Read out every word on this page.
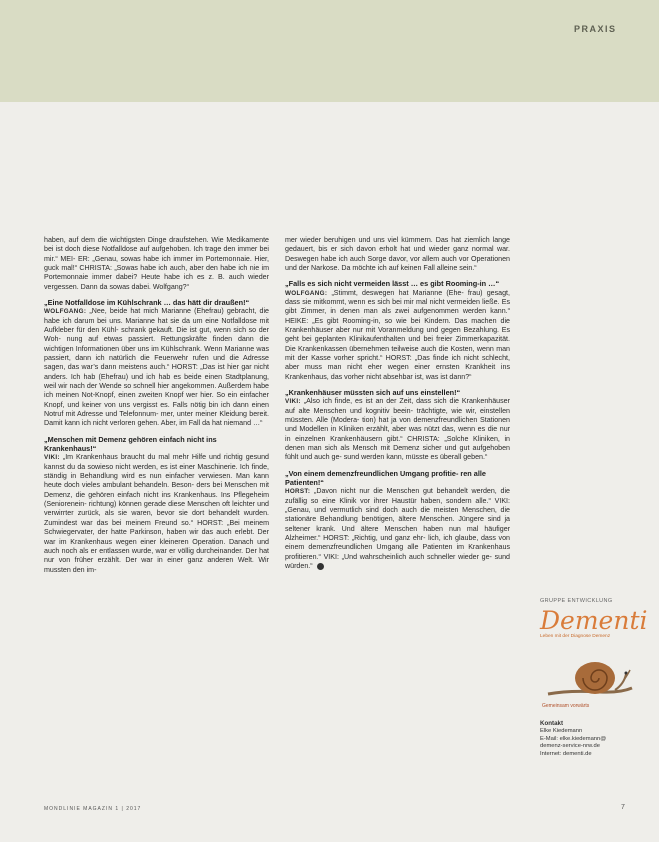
PRAXIS

haben, auf dem die wichtigsten Dinge draufstehen. Wie Medikamente bei ist doch diese Notfalldose auf aufgehoben. Ich trage den immer bei mir.“ MEI- ER: „Genau, sowas habe ich immer im Portemonnaie. Hier, guck mal!“ CHRISTA: „Sowas habe ich auch, aber den habe ich nie im Portemonnaie immer dabei? Heute habe ich es z. B. auch wieder vergessen. Dann da sowas dabei. Wolfgang?“

„Eine Notfalldose im Kühlschrank … das hätt dir draußen!“

WOLFGANG: „Nee, beide hat mich Marianne (Ehefrau) gebracht, die habe ich darum bei uns. Marianne hat sie da um eine Notfalldose mit Aufkleber für den Kühl- schrank gekauft. Die ist gut, wenn sich so der Woh- nung auf etwas passiert. Rettungskräfte finden dann die wichtigen Informationen über uns im Kühlschrank. Wenn Marianne was passiert, dann ich natürlich die Feuerwehr rufen und die Adresse sagen, das war’s dann meistens auch.“ HORST: „Das ist hier gar nicht anders. Ich hab (Ehefrau) und ich hab es beide einen Stadtplanung, weil wir nach der Wende so schnell hier angekommen. Außerdem habe ich meinen Not-Knopf, einen zweiten Knopf wer hier. So ein einfacher Knopf, und keiner von uns vergisst es. Falls nötig bin ich dann einen Notruf mit Adresse und Telefonnum- mer, unter meiner Kleidung bereit. Damit kann ich nicht verloren gehen. Aber, im Fall da hat niemand …“

„Menschen mit Demenz gehören einfach nicht ins Krankenhaus!“

VIKI: „Im Krankenhaus braucht du mal mehr Hilfe und richtig gesund kannst du da sowieso nicht werden, es ist einer Maschinerie. Ich finde, ständig in Behandlung wird es nun einfacher verwiesen. Man kann heute doch vieles ambulant behandeln. Beson- ders bei Menschen mit Demenz, die gehören einfach nicht ins Krankenhaus. Ins Pflegeheim (Seniorenein- richtung) können gerade diese Menschen oft leichter und verwirrter zurück, als sie waren, bevor sie dort behandelt wurden. Zumindest war das bei meinem Freund so.“ HORST: „Bei meinem Schwiegervater, der hatte Parkinson, haben wir das auch erlebt. Der war im Krankenhaus wegen einer kleineren Operation. Danach und auch noch als er entlassen wurde, war er völlig durcheinander. Der hat nur von früher erzählt. Der war in einer ganz anderen Welt. Wir mussten den im-

mer wieder beruhigen und uns viel kümmern. Das hat ziemlich lange gedauert, bis er sich davon erholt hat und wieder ganz normal war. Deswegen habe ich auch Sorge davor, vor allem auch vor Operationen und der Narkose. Da möchte ich auf keinen Fall alleine sein.“

„Falls es sich nicht vermeiden lässt … es gibt Rooming-in …“

WOLFGANG: „Stimmt, deswegen hat Marianne (Ehe- frau) gesagt, dass sie mitkommt, wenn es sich bei mir mal nicht vermeiden ließe. Es gibt Zimmer, in denen man als zwei aufgenommen werden kann.“ HEIKE: „Es gibt Rooming-in, so wie bei Kindern. Das machen die Krankenhäuser aber nur mit Voranmeldung und gegen Bezahlung. Es geht bei geplanten Klinikaufenthalten und bei freier Zimmerkapazität. Die Krankenkassen übernehmen teilweise auch die Kosten, wenn man mit der Kasse vorher spricht.“ HORST: „Das finde ich nicht schlecht, aber muss man nicht eher wegen einer ernsten Krankheit ins Krankenhaus, das vorher nicht absehbar ist, was ist dann?“

„Krankenhäuser müssten sich auf uns einstellen!“

VIKI: „Also ich finde, es ist an der Zeit, dass sich die Krankenhäuser auf alte Menschen und kognitiv beein- trächtigte, wie wir, einstellen müssten. Alle (Modera- tion) hat ja von demenzfreundlichen Stationen und Modellen in Kliniken erzählt, aber was nützt das, wenn es die nur in einzelnen Krankenhäusern gibt.“ CHRISTA: „Solche Kliniken, in denen man sich als Mensch mit Demenz sicher und gut aufgehoben fühlt und auch ge- sund werden kann, müsste es überall geben.“

„Von einem demenzfreundlichen Umgang profitie- ren alle Patienten!“

HORST: „Davon nicht nur die Menschen gut behandelt werden, die zufällig so eine Klinik vor ihrer Haustür haben, sondern alle.“ VIKI: „Genau, und vermutlich sind doch auch die meisten Menschen, die stationäre Behandlung benötigen, ältere Menschen. Jüngere sind ja seltener krank. Und ältere Menschen haben nun mal häufiger Alzheimer.“ HORST: „Richtig, und ganz ehr- lich, ich glaube, dass von einem demenzfreundlichen Umgang alle Patienten im Krankenhaus profitieren.“ VIKI: „Und wahrscheinlich auch schneller wieder ge- sund würden.“

GRUPPE ENTWICKLUNG
Dementi
Leben mit der Diagnose Demenz
Gemeinsam vorwärts
Kontakt
Elke Kiedemann
E-Mail: elke.kiedemann@
demenz-service-nrw.de
Internet: dementi.de
MONDLINIE MAGAZIN 1 | 2017	7
